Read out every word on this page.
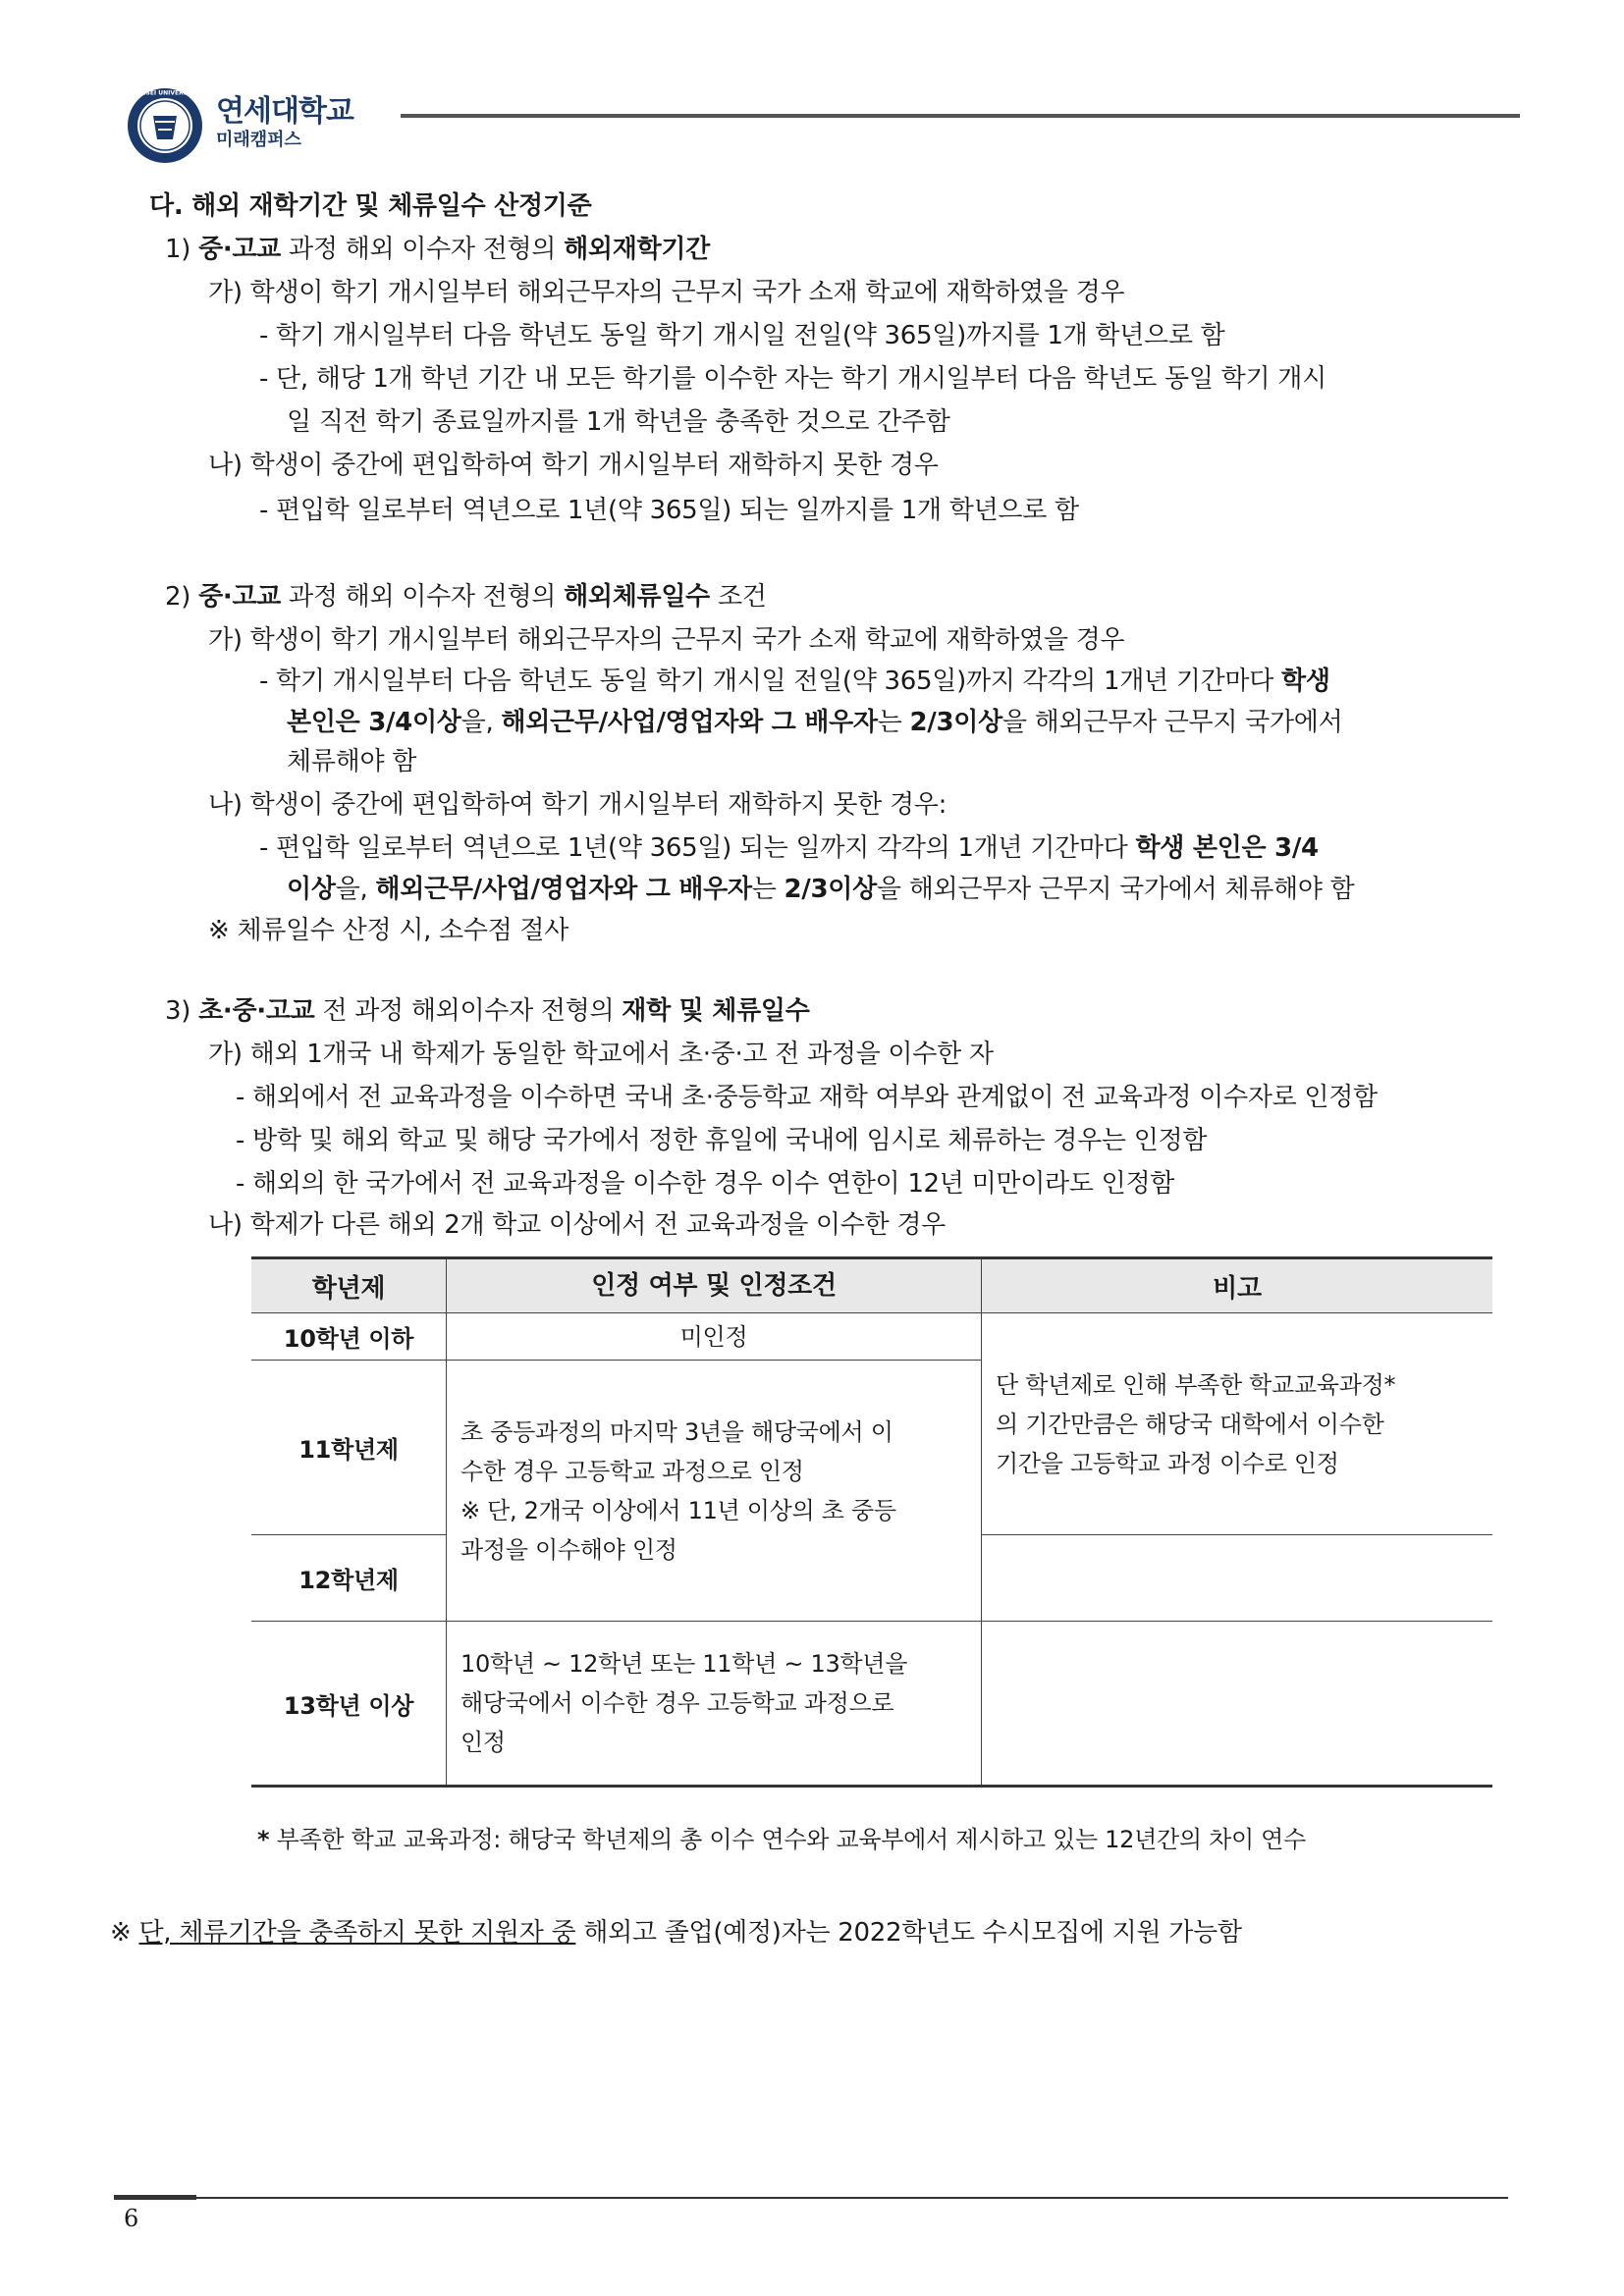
YONSEI UNIVERSITY
연세대학교
미래캠퍼스
다. 해외 재학기간 및 체류일수 산정기준
1) 중·고교 과정 해외 이수자 전형의 해외재학기간
가) 학생이 학기 개시일부터 해외근무자의 근무지 국가 소재 학교에 재학하였을 경우
- 학기 개시일부터 다음 학년도 동일 학기 개시일 전일(약 365일)까지를 1개 학년으로 함
- 단, 해당 1개 학년 기간 내 모든 학기를 이수한 자는 학기 개시일부터 다음 학년도 동일 학기 개시
일 직전 학기 종료일까지를 1개 학년을 충족한 것으로 간주함
나) 학생이 중간에 편입학하여 학기 개시일부터 재학하지 못한 경우
- 편입학 일로부터 역년으로 1년(약 365일) 되는 일까지를 1개 학년으로 함
2) 중·고교 과정 해외 이수자 전형의 해외체류일수 조건
가) 학생이 학기 개시일부터 해외근무자의 근무지 국가 소재 학교에 재학하였을 경우
- 학기 개시일부터 다음 학년도 동일 학기 개시일 전일(약 365일)까지 각각의 1개년 기간마다 학생
본인은 3/4이상을, 해외근무/사업/영업자와 그 배우자는 2/3이상을 해외근무자 근무지 국가에서
체류해야 함
나) 학생이 중간에 편입학하여 학기 개시일부터 재학하지 못한 경우:
- 편입학 일로부터 역년으로 1년(약 365일) 되는 일까지 각각의 1개년 기간마다 학생 본인은 3/4
이상을, 해외근무/사업/영업자와 그 배우자는 2/3이상을 해외근무자 근무지 국가에서 체류해야 함
※ 체류일수 산정 시, 소수점 절사
3) 초·중·고교 전 과정 해외이수자 전형의 재학 및 체류일수
가) 해외 1개국 내 학제가 동일한 학교에서 초·중·고 전 과정을 이수한 자
- 해외에서 전 교육과정을 이수하면 국내 초·중등학교 재학 여부와 관계없이 전 교육과정 이수자로 인정함
- 방학 및 해외 학교 및 해당 국가에서 정한 휴일에 국내에 임시로 체류하는 경우는 인정함
- 해외의 한 국가에서 전 교육과정을 이수한 경우 이수 연한이 12년 미만이라도 인정함
나) 학제가 다른 해외 2개 학교 이상에서 전 교육과정을 이수한 경우
학년제	인정 여부 및 인정조건	비고
10학년 이하	미인정	단 학년제로 인해 부족한 학교교육과정*
의 기간만큼은 해당국 대학에서 이수한
기간을 고등학교 과정 이수로 인정

11학년제	초 중등과정의 마지막 3년을 해당국에서 이
수한 경우 고등학교 과정으로 인정
※ 단, 2개국 이상에서 11년 이상의 초 중등
과정을 이수해야 인정	

12학년제		
13학년 이상	10학년 ~ 12학년 또는 11학년 ~ 13학년을
해당국에서 이수한 경우 고등학교 과정으로
인정	

* 부족한 학교 교육과정: 해당국 학년제의 총 이수 연수와 교육부에서 제시하고 있는 12년간의 차이 연수
※ 단, 체류기간을 충족하지 못한 지원자 중 해외고 졸업(예정)자는 2022학년도 수시모집에 지원 가능함
6
